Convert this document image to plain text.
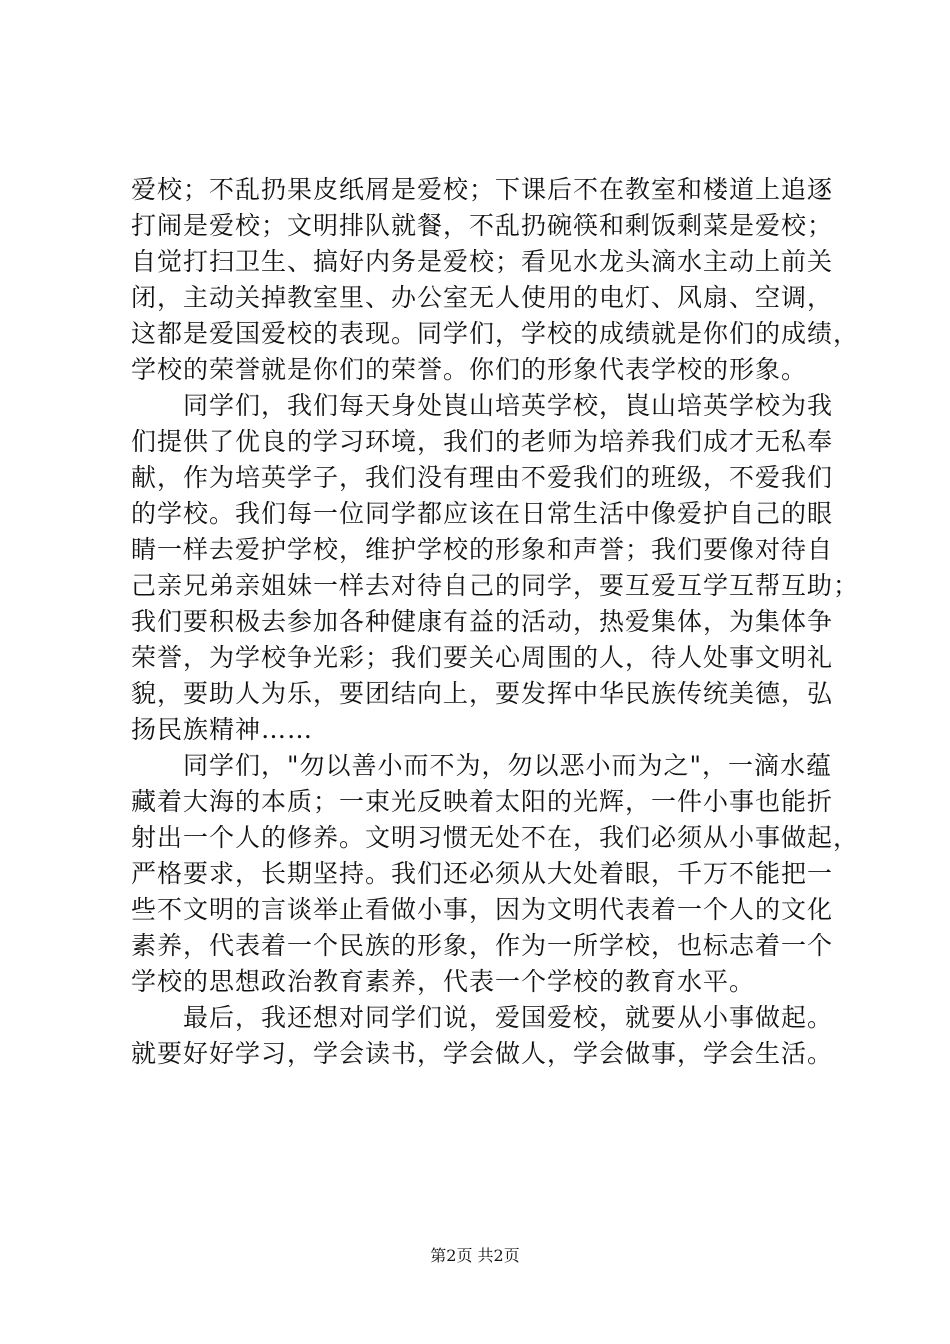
爱校；不乱扔果皮纸屑是爱校；下课后不在教室和楼道上追逐
打闹是爱校；文明排队就餐，不乱扔碗筷和剩饭剩菜是爱校；
自觉打扫卫生、搞好内务是爱校；看见水龙头滴水主动上前关
闭，主动关掉教室里、办公室无人使用的电灯、风扇、空调，
这都是爱国爱校的表现。同学们，学校的成绩就是你们的成绩，
学校的荣誉就是你们的荣誉。你们的形象代表学校的形象。
同学们，我们每天身处崀山培英学校，崀山培英学校为我
们提供了优良的学习环境，我们的老师为培养我们成才无私奉
献，作为培英学子，我们没有理由不爱我们的班级，不爱我们
的学校。我们每一位同学都应该在日常生活中像爱护自己的眼
睛一样去爱护学校，维护学校的形象和声誉；我们要像对待自
己亲兄弟亲姐妹一样去对待自己的同学，要互爱互学互帮互助；
我们要积极去参加各种健康有益的活动，热爱集体，为集体争
荣誉，为学校争光彩；我们要关心周围的人，待人处事文明礼
貌，要助人为乐，要团结向上，要发挥中华民族传统美德，弘
扬民族精神……
同学们，"勿以善小而不为，勿以恶小而为之"，一滴水蕴
藏着大海的本质；一束光反映着太阳的光辉，一件小事也能折
射出一个人的修养。文明习惯无处不在，我们必须从小事做起，
严格要求，长期坚持。我们还必须从大处着眼，千万不能把一
些不文明的言谈举止看做小事，因为文明代表着一个人的文化
素养，代表着一个民族的形象，作为一所学校，也标志着一个
学校的思想政治教育素养，代表一个学校的教育水平。
最后，我还想对同学们说，爱国爱校，就要从小事做起。
就要好好学习，学会读书，学会做人，学会做事，学会生活。
第2页 共2页
